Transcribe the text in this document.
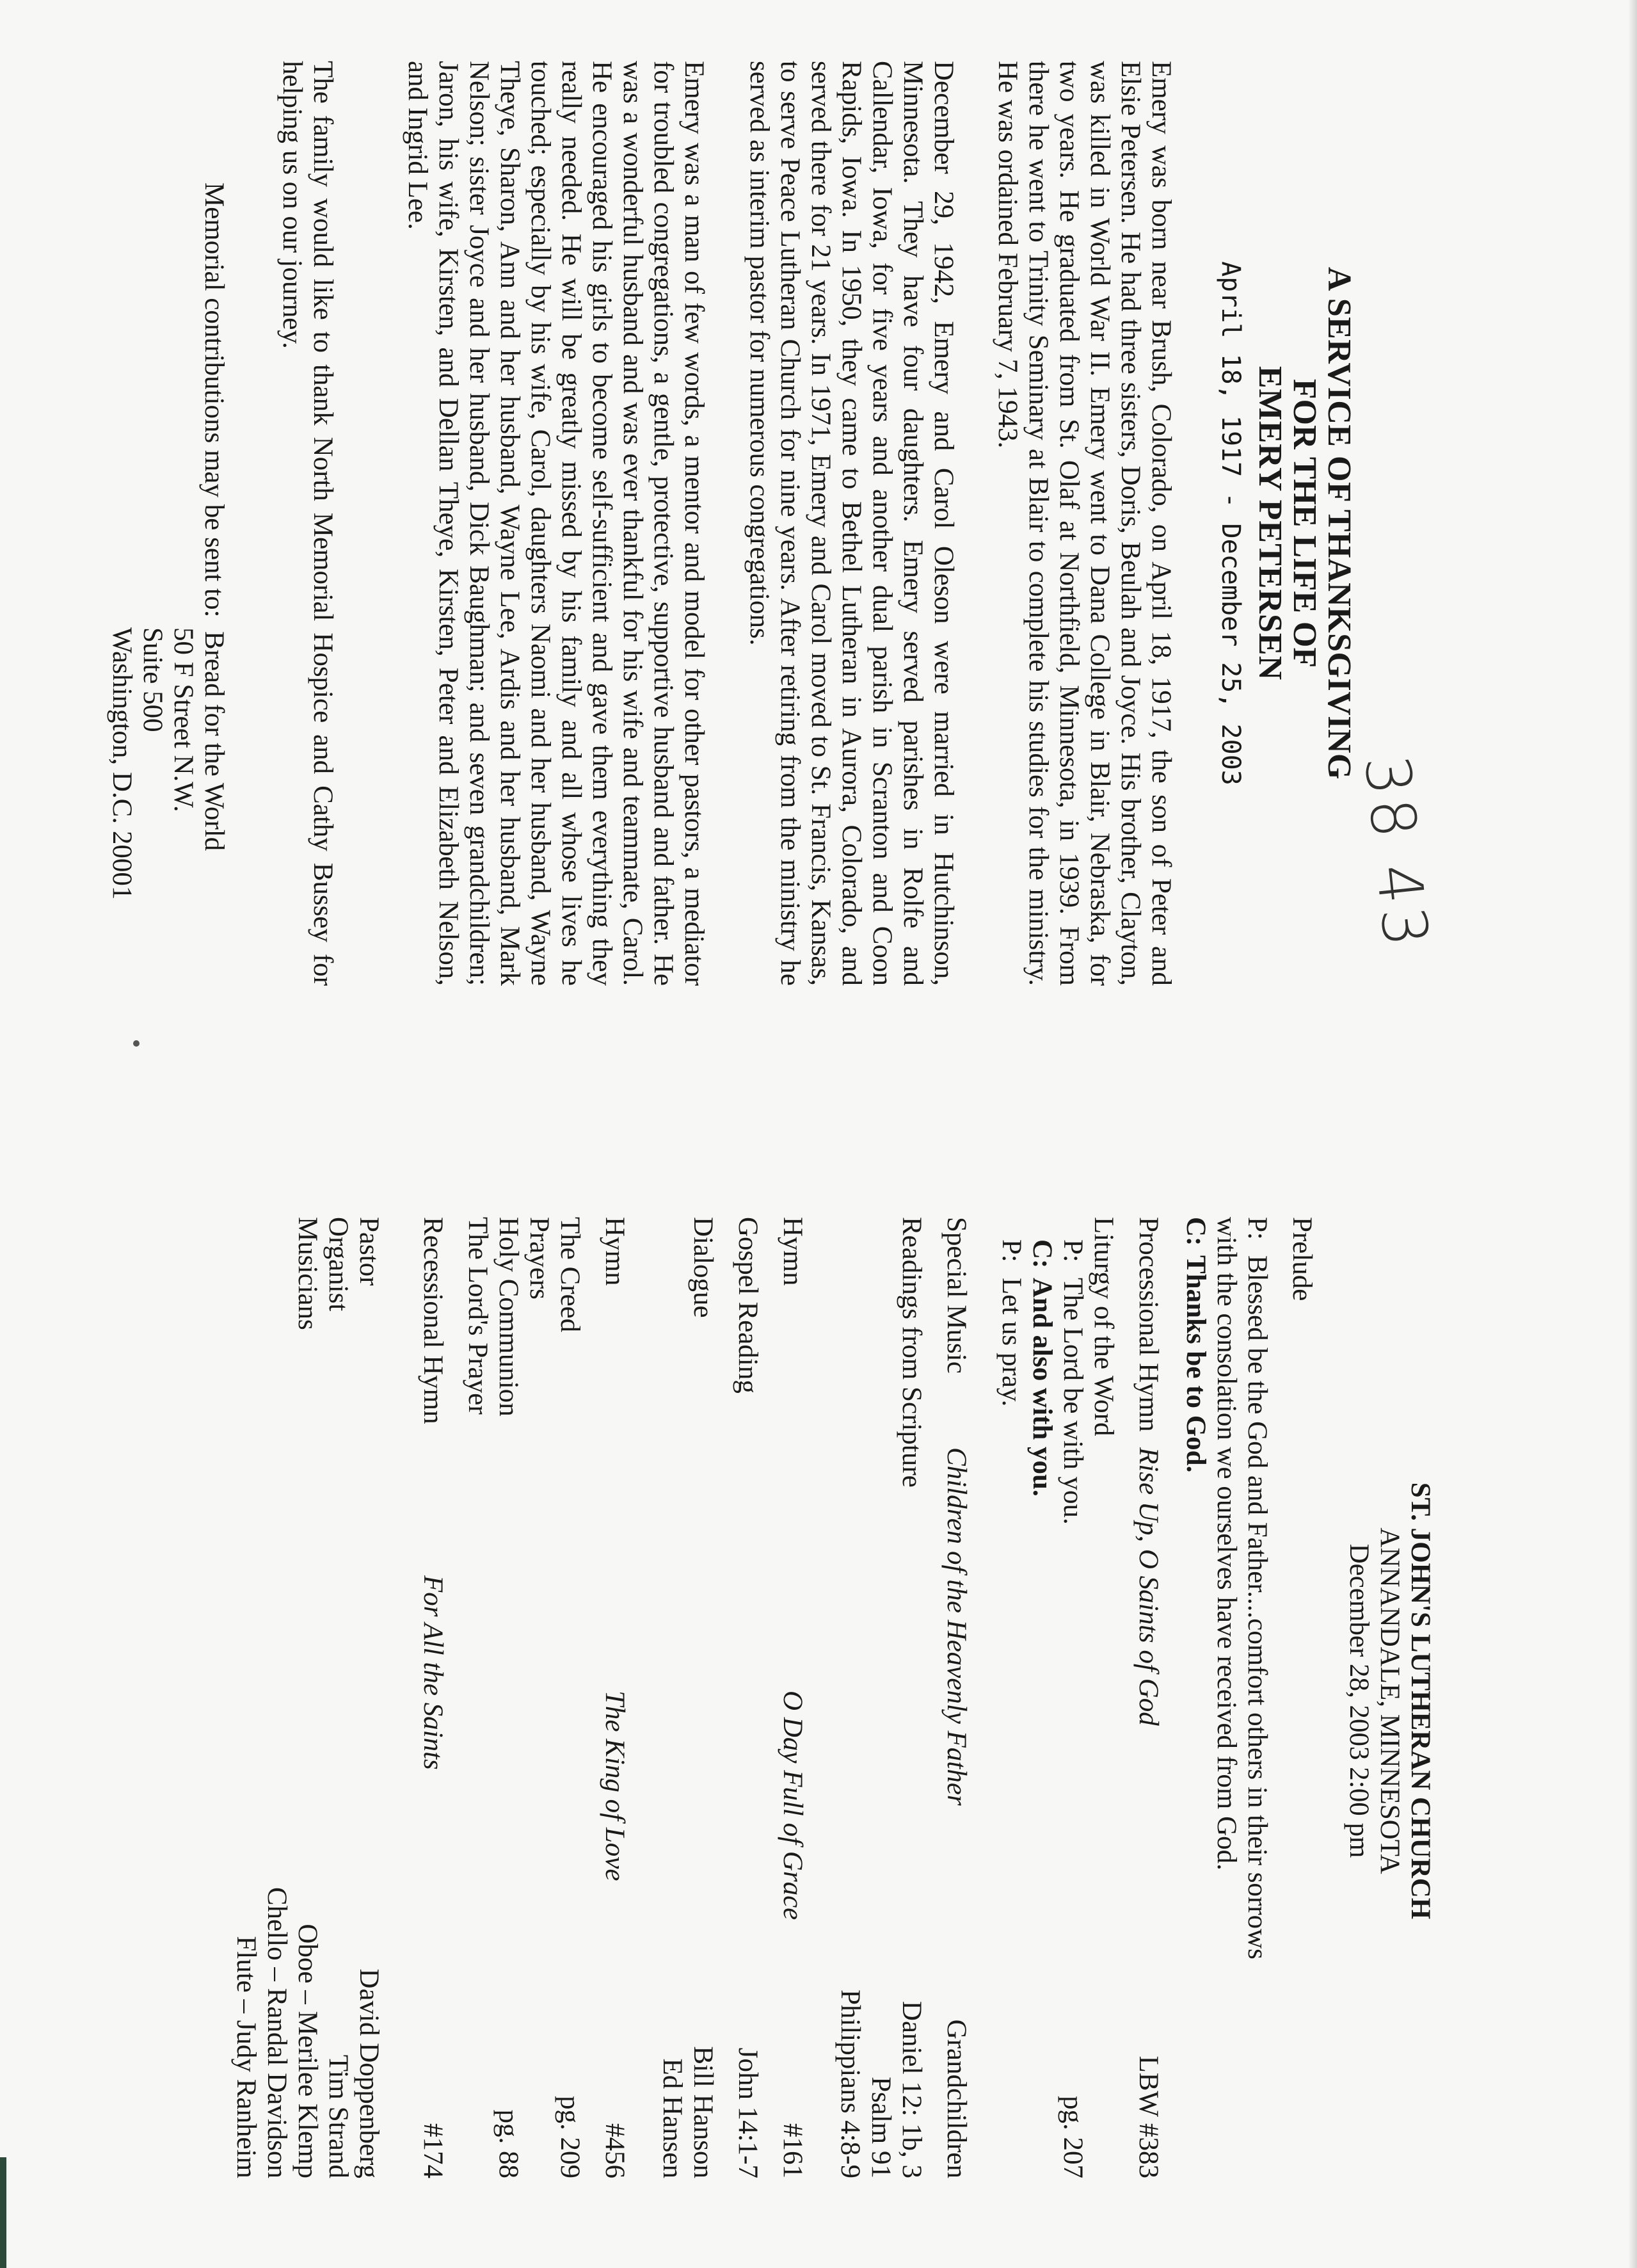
A SERVICE OF THANKSGIVING
FOR THE LIFE OF
EMERY PETERSEN
April 18, 1917 - December 25, 2003
38 43

Emery was born near Brush, Colorado, on April 18, 1917, the son of Peter and Elsie Petersen. He had three sisters, Doris, Beulah and Joyce. His brother, Clayton, was killed in World War II. Emery went to Dana College in Blair, Nebraska, for two years. He graduated from St. Olaf at Northfield, Minnesota, in 1939. From there he went to Trinity Seminary at Blair to complete his studies for the ministry. He was ordained February 7, 1943.

December 29, 1942, Emery and Carol Oleson were married in Hutchinson, Minnesota. They have four daughters. Emery served parishes in Rolfe and Callendar, Iowa, for five years and another dual parish in Scranton and Coon Rapids, Iowa. In 1950, they came to Bethel Lutheran in Aurora, Colorado, and served there for 21 years. In 1971, Emery and Carol moved to St. Francis, Kansas, to serve Peace Lutheran Church for nine years. After retiring from the ministry he served as interim pastor for numerous congregations.

Emery was a man of few words, a mentor and model for other pastors, a mediator for troubled congregations, a gentle, protective, supportive husband and father. He was a wonderful husband and was ever thankful for his wife and teammate, Carol. He encouraged his girls to become self-sufficient and gave them everything they really needed. He will be greatly missed by his family and all whose lives he touched; especially by his wife, Carol, daughters Naomi and her husband, Wayne Theye, Sharon, Ann and her husband, Wayne Lee, Ardis and her husband, Mark Nelson; sister Joyce and her husband, Dick Baughman; and seven grandchildren; Jaron, his wife, Kirsten, and Dellan Theye, Kirsten, Peter and Elizabeth Nelson, and Ingrid Lee.

The family would like to thank North Memorial Hospice and Cathy Bussey for helping us on our journey.

Memorial contributions may be sent to:  Bread for the World
50 F Street N.W.
Suite 500
Washington, D.C. 20001
ST. JOHN'S LUTHERAN CHURCH
ANNANDALE, MINNESOTA
December 28, 2003 2:00 pm
Prelude
P:
Blessed be the God and Father....comfort others in their sorrows
with the consolation we ourselves have received from God.
C:
Thanks be to God.
Processional Hymn
Rise Up, O Saints of God
LBW #383
Liturgy of the Word
P:
The Lord be with you.
pg. 207
C:
And also with you.
P:
Let us pray.
Special Music
Children of the Heavenly Father
Grandchildren
Readings from Scripture
Daniel 12: 1b, 3
Psalm 91
Philippians 4:8-9
Hymn
O Day Full of Grace
#161
Gospel Reading
John 14:1-7
Dialogue
Bill Hanson
Ed Hansen
Hymn
The King of Love
#456
The Creed
pg. 209
Prayers
Holy Communion
pg. 88
The Lord's Prayer
Recessional Hymn
For All the Saints
#174
Pastor
David Doppenberg
Organist
Tim Strand
Musicians
Oboe – Merilee Klemp
Chello – Randal Davidson
Flute – Judy Ranheim
